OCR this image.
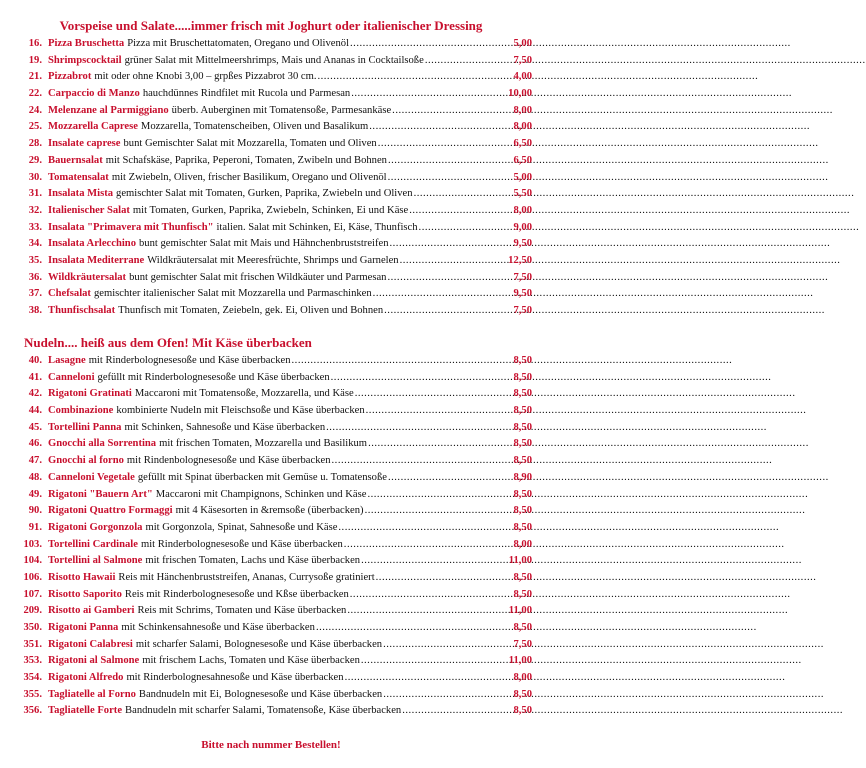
Vorspeise und Salate.....immer frisch mit Joghurt oder italienischer Dressing
16. Pizza Bruschetta Pizza mit Bruschettatomaten, Oregano und Olivenöl .....	5,00
19. Shrimpscocktail grüner Salat mit Mittelmeershrimps, Mais und Ananas in Cocktailsoße .....	7,50
21. Pizzabrot mit oder ohne Knobi 3,00 – grpßes Pizzabrot 30 cm. .....	4,00
22. Carpaccio di Manzo hauchdünnes Rindfilet mit Rucola und Parmesan .....	10,00
24. Melenzane al Parmiggiano überb. Auberginen mit Tomatensoße, Parmesankäse .....	8,00
25. Mozzarella Caprese Mozzarella, Tomatenscheiben, Oliven und Basalikum .....	8,00
28. Insalate caprese bunt Gemischter Salat mit Mozzarella, Tomaten und Oliven .....	6,50
29. Bauernsalat mit Schafskäse, Paprika, Peperoni, Tomaten, Zwibeln und Bohnen .....	6,50
30. Tomatensalat mit Zwiebeln, Oliven, frischer Basilikum, Oregano und Olivenöl .....	5,00
31. Insalata Mista gemischter Salat mit Tomaten, Gurken, Paprika, Zwiebeln und Oliven .....	5,50
32. Italienischer Salat mit Tomaten, Gurken, Paprika, Zwiebeln, Schinken, Ei und Käse .....	8,00
33. Insalata "Primavera mit Thunfisch" italien. Salat mit Schinken, Ei, Käse, Thunfisch .....	9,00
34. Insalata Arlecchino bunt gemischter Salat mit Mais und Hähnchenbruststreifen .....	9,50
35. Insalata Mediterrane Wildkräutersalat mit Meeresfrüchte, Shrimps und Garnelen .....	12,50
36. Wildkräutersalat bunt gemischter Salat mit frischen Wildkäuter und Parmesan .....	7,50
37. Chefsalat gemischter italienischer Salat mit Mozzarella und Parmaschinken .....	9,50
38. Thunfischsalat Thunfisch mit Tomaten, Zeiebeln, gek. Ei, Oliven und Bohnen .....	7,50
Nudeln.... heiß aus dem Ofen! Mit Käse überbacken
40. Lasagne mit Rinderbolognesesoße und Käse überbacken .....	8,50
41. Canneloni gefüllt mit Rinderbolognesesoße und Käse überbacken .....	8,50
42. Rigatoni Gratinati Maccaroni mit Tomatensoße, Mozzarella, und Käse .....	8,50
44. Combinazione kombinierte Nudeln mit Fleischsoße und Käse überbacken .....	8,50
45. Tortellini Panna mit Schinken, Sahnesoße und Käse überbacken .....	8,50
46. Gnocchi alla Sorrentina mit frischen Tomaten, Mozzarella und Basilikum .....	8,50
47. Gnocchi al forno mit Rindenbolognesesoße und Käse überbacken .....	8,50
48. Canneloni Vegetale gefüllt mit Spinat überbacken mit Gemüse u. Tomatensoße .....	8,90
49. Rigatoni "Bauern Art" Maccaroni mit Champignons, Schinken und Käse .....	8,50
90. Rigatoni Quattro Formaggi mit 4 Käsesorten in &remsoße (überbacken) .....	8,50
91. Rigatoni Gorgonzola mit Gorgonzola, Spinat, Sahnesoße und Käse .....	8,50
103. Tortellini Cardinale mit Rinderbolognesesoße und Käse überbacken .....	8,00
104. Tortellini al Salmone mit frischen Tomaten, Lachs und Käse überbacken .....	11,00
106. Risotto Hawaii Reis mit Hänchenbruststreifen, Ananas, Currysoße gratiniert .....	8,50
107. Risotto Saporito Reis mit Rinderbolognesesoße und Kßse überbacken .....	8,50
209. Risotto ai Gamberi Reis mit Schrims, Tomaten und Käse überbacken .....	11,00
350. Rigatoni Panna mit Schinkensahnesoße und Käse überbacken .....	8,50
351. Rigatoni Calabresi mit scharfer Salami, Bolognesesoße und Käse überbacken .....	7,50
353. Rigatoni al Salmone mit frischem Lachs, Tomaten und Käse überbacken .....	11,00
354. Rigatoni Alfredo mit Rinderbolognesahnesoße und Käse überbacken .....	8,00
355. Tagliatelle al Forno Bandnudeln mit Ei, Bolognesesoße und Käse überbacken .....	8,50
356. Tagliatelle Forte Bandnudeln mit scharfer Salami, Tomatensoße, Käse überbacken .....	8,50
Bitte nach nummer Bestellen!
